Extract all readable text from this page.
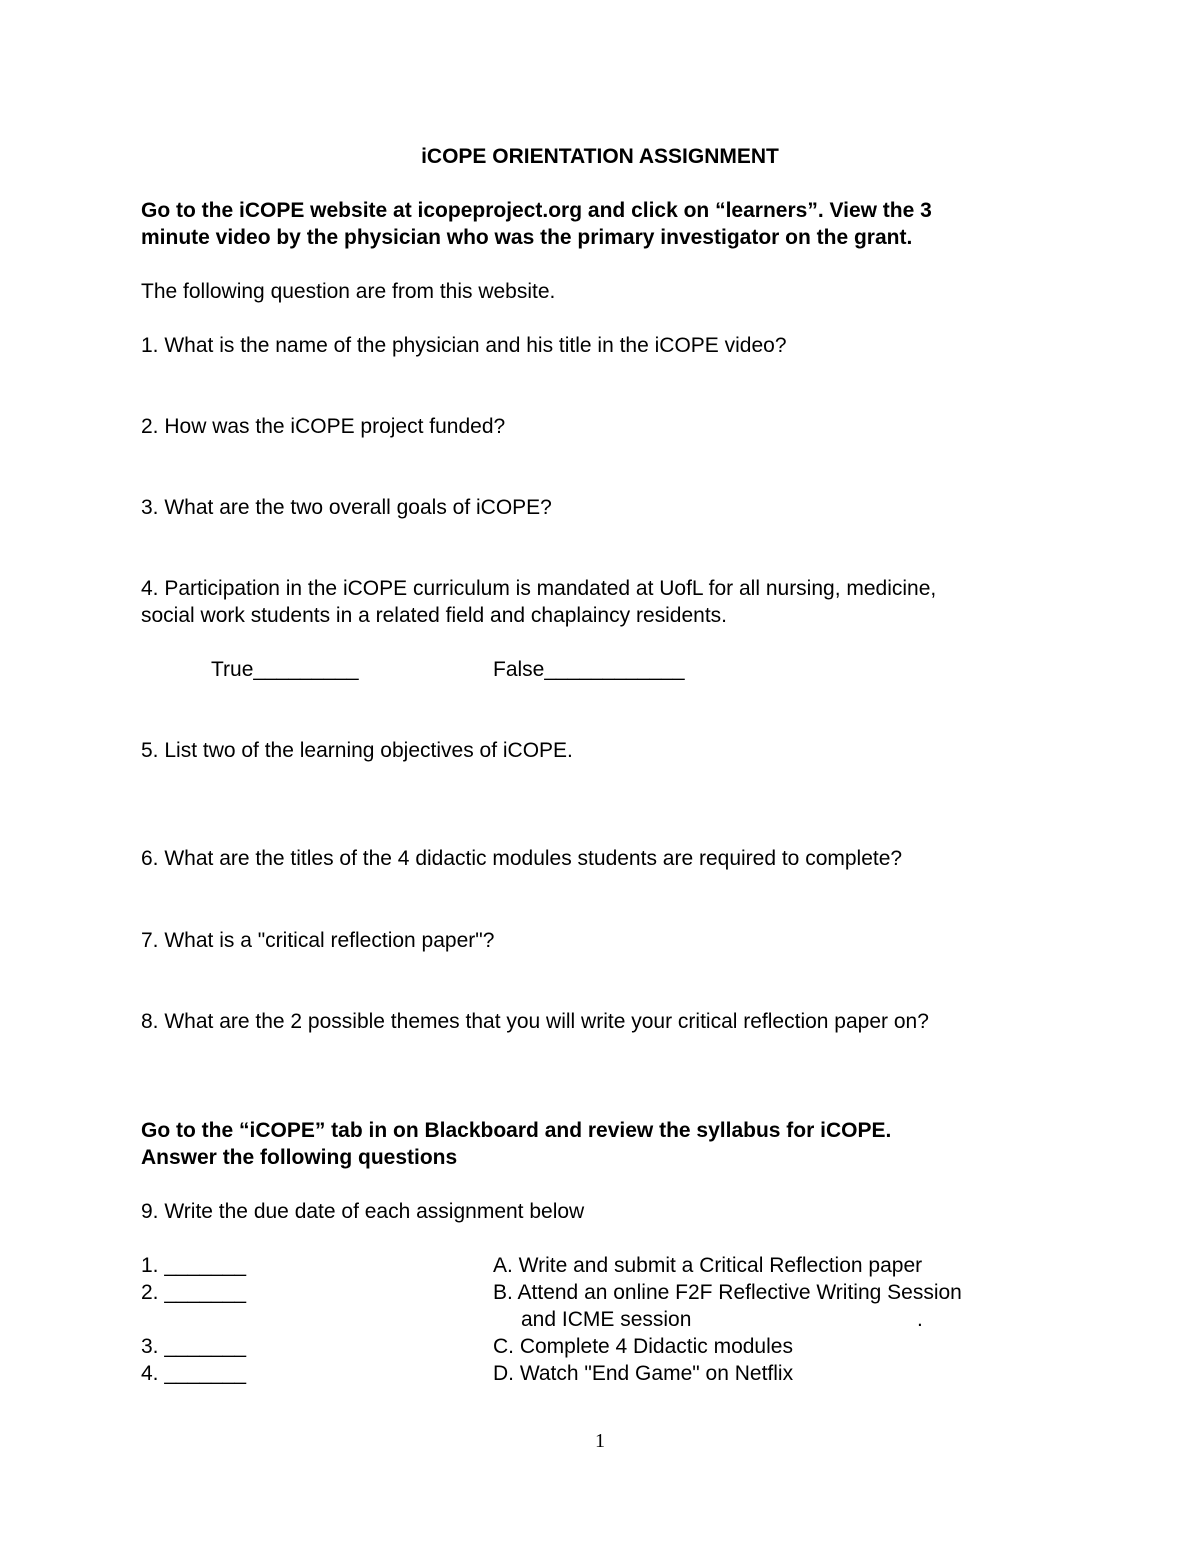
iCOPE ORIENTATION ASSIGNMENT
Go to the iCOPE website at icopeproject.org and click on “learners”. View the 3
minute video by the physician who was the primary investigator on the grant.
The following question are from this website.
1. What is the name of the physician and his title in the iCOPE video?
2. How was the iCOPE project funded?
3. What are the two overall goals of iCOPE?
4. Participation in the iCOPE curriculum is mandated at UofL for all nursing, medicine,
social work students in a related field and chaplaincy residents.
True_________	False____________
5. List two of the learning objectives of iCOPE.
6. What are the titles of the 4 didactic modules students are required to complete?
7. What is a "critical reflection paper"?
8. What are the 2 possible themes that you will write your critical reflection paper on?
Go to the “iCOPE” tab in on Blackboard and review the syllabus for iCOPE.
Answer the following questions
9. Write the due date of each assignment below
1. _______
2. _______
3. _______
4. _______
A. Write and submit a Critical Reflection paper
B. Attend an online F2F Reflective Writing Session
and ICME session	.
C. Complete 4 Didactic modules
D. Watch "End Game" on Netflix
1
